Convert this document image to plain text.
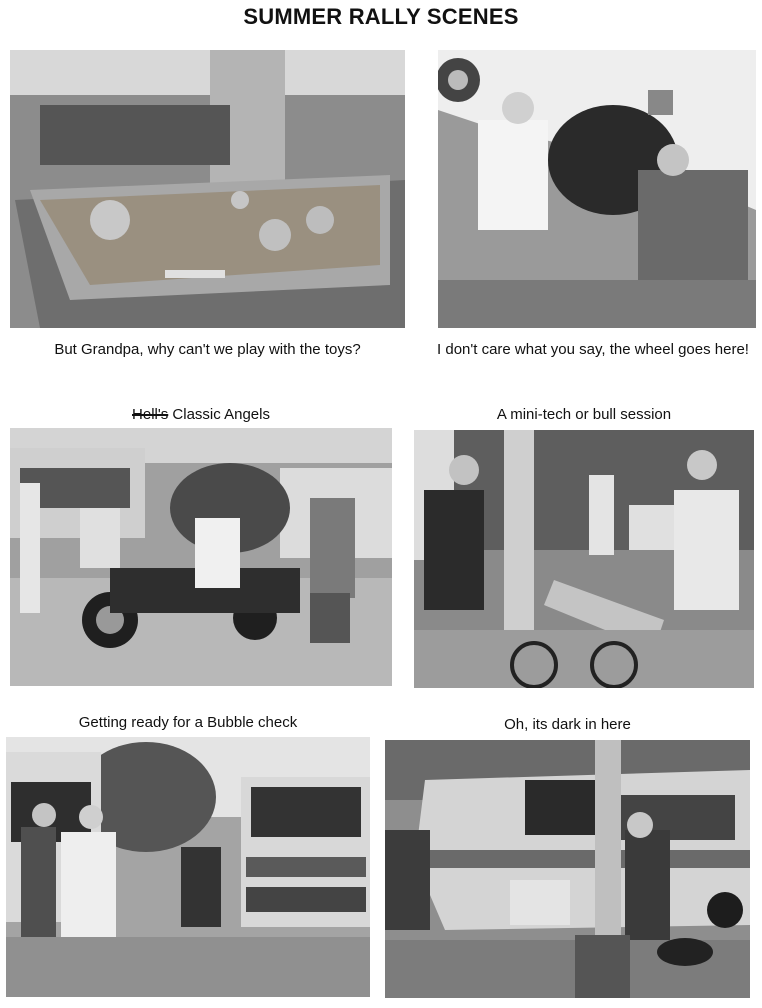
SUMMER RALLY SCENES
But Grandpa, why can't we play with the toys?	I don't care what you say, the wheel goes here!
Hell's Classic Angels	A mini-tech or bull session
Getting ready for a Bubble check	Oh, its dark in here
